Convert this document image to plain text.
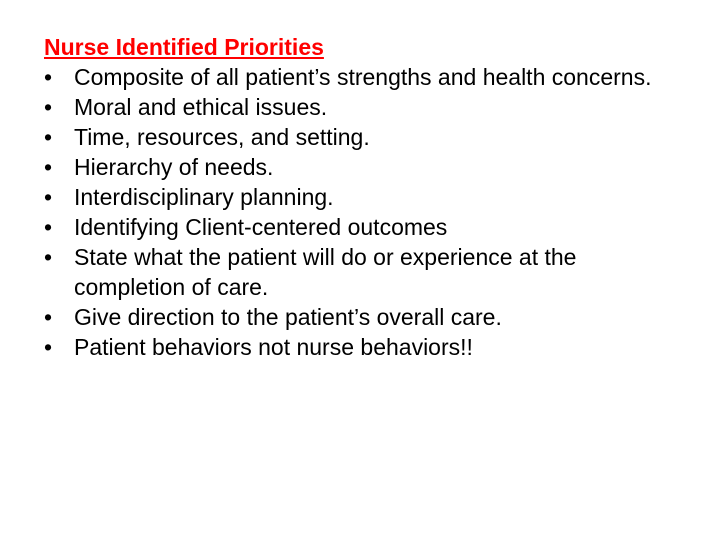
Nurse Identified Priorities
• Composite of all patient’s strengths and health concerns.
• Moral and ethical issues.
• Time, resources, and setting.
• Hierarchy of needs.
• Interdisciplinary planning.
• Identifying Client-centered outcomes
• State what the patient will do or experience at the completion of care.
• Give direction to the patient’s overall care.
• Patient behaviors not nurse behaviors!!
